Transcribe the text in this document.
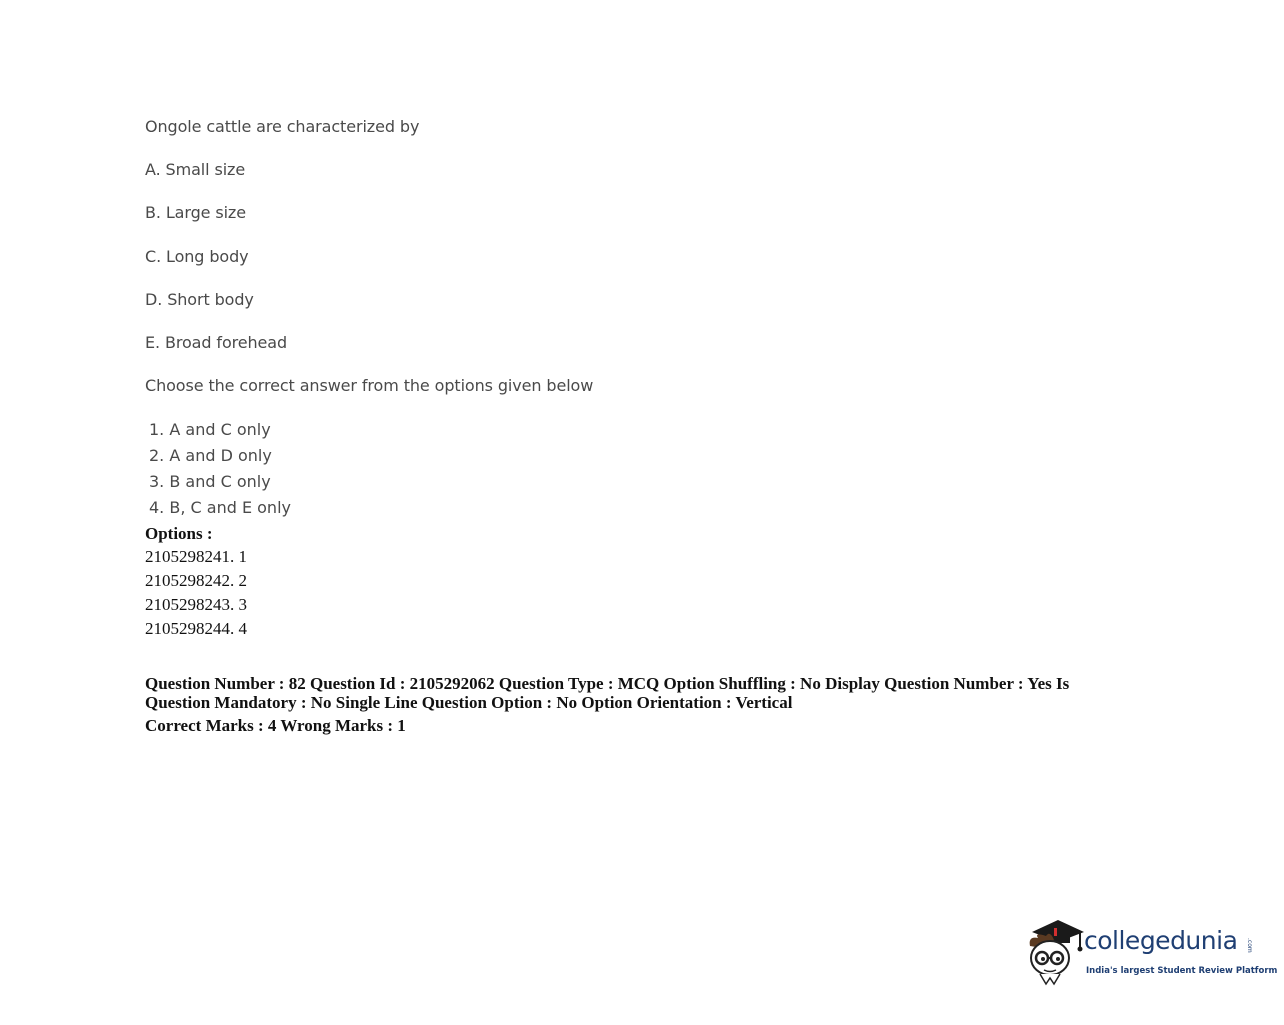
Ongole cattle are characterized by
A. Small size
B. Large size
C. Long body
D. Short body
E. Broad forehead
Choose the correct answer from the options given below
1. A and C only
2. A and D only
3. B and C only
4. B, C and E only
Options :
2105298241. 1
2105298242. 2
2105298243. 3
2105298244. 4
Question Number : 82 Question Id : 2105292062 Question Type : MCQ Option Shuffling : No Display Question Number : Yes Is Question Mandatory : No Single Line Question Option : No Option Orientation : Vertical
Correct Marks : 4 Wrong Marks : 1
collegedunia .com
India's largest Student Review Platform
